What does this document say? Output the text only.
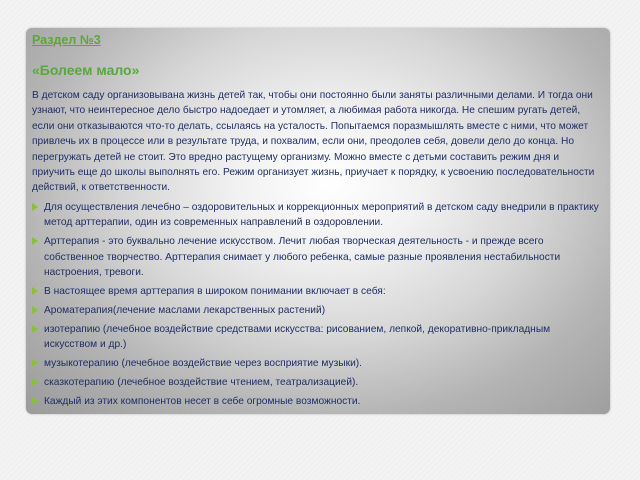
Раздел №3
«Болеем мало»

В детском саду организовывана жизнь детей так, чтобы они постоянно были заняты различными делами. И тогда они узнают, что неинтересное дело быстро надоедает и утомляет, а любимая работа никогда. Не спешим ругать детей, если они отказываются что-то делать, ссылаясь на усталость. Попытаемся поразмышлять вместе с ними, что может привлечь их в процессе или в результате труда, и похвалим, если они, преодолев себя, довели дело до конца. Но перегружать детей не стоит. Это вредно растущему организму. Можно вместе с детьми составить режим дня и приучить еще до школы выполнять его. Режим организует жизнь, приучает к порядку, к усвоению последовательности действий, к ответственности.

Для осуществления лечебно – оздоровительных и коррекционных мероприятий в детском саду внедрили в практику метод арттерапии, один из современных направлений в оздоровлении.
Арттерапия - это буквально лечение искусством. Лечит любая творческая деятельность - и прежде всего собственное творчество. Арттерапия снимает у любого ребенка, самые разные проявления нестабильности настроения, тревоги.
В настоящее время арттерапия в широком понимании включает в себя:
Ароматерапия(лечение маслами лекарственных растений)
изотерапию (лечебное воздействие средствами искусства: рисованием, лепкой, декоративно-прикладным искусством и др.)
музыкотерапию (лечебное воздействие через восприятие музыки).
сказкотерапию (лечебное воздействие чтением, театрализацией).
Каждый из этих компонентов несет в себе огромные возможности.
